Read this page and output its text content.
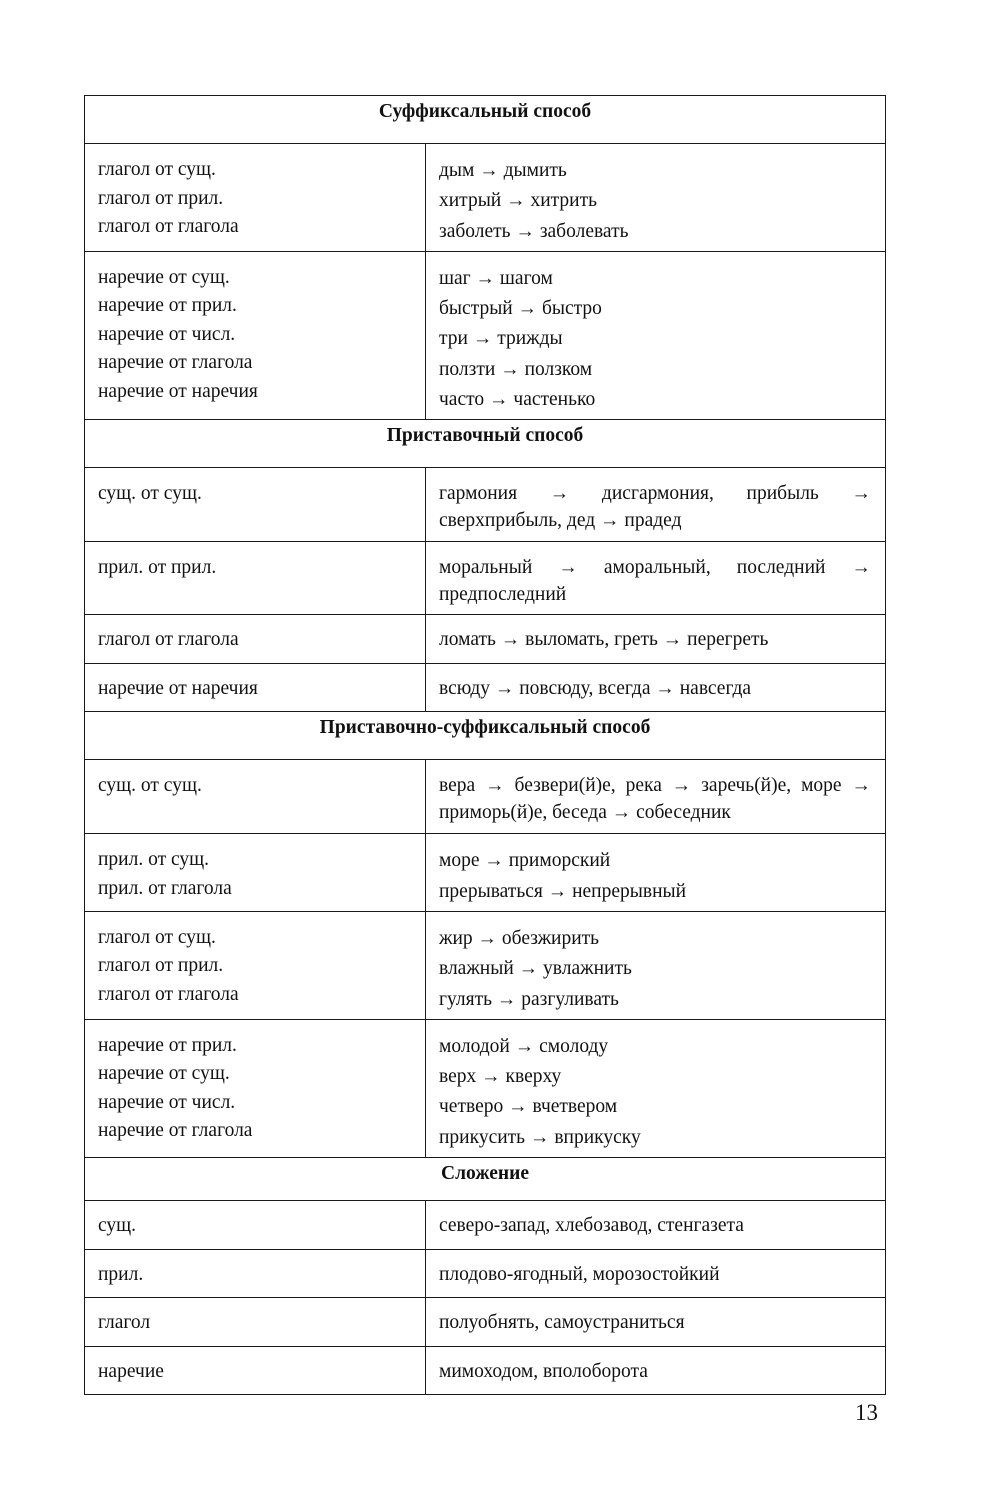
Суффиксальный способ	

глагол от сущ.
глагол от прил.
глагол от глагола	дым → дымить
хитрый → хитрить
заболеть → заболевать

наречие от сущ.
наречие от прил.
наречие от числ.
наречие от глагола
наречие от наречия	шаг → шагом
быстрый → быстро
три → трижды
ползти → ползком
часто → частенько

Приставочный способ	

сущ. от сущ.	гармония → дисгармония, прибыль → сверхприбыль, дед → прадед

прил. от прил.	моральный → аморальный, последний → предпоследний

глагол от глагола	ломать → выломать, греть → перегреть

наречие от наречия	всюду → повсюду, всегда → навсегда

Приставочно-суффиксальный способ	

сущ. от сущ.	вера → безвери(й)е, река → заречь(й)е, море → приморь(й)е, беседа → собеседник

прил. от сущ.
прил. от глагола	море → приморский
прерываться → непрерывный

глагол от сущ.
глагол от прил.
глагол от глагола	жир → обезжирить
влажный → увлажнить
гулять → разгуливать

наречие от прил.
наречие от сущ.
наречие от числ.
наречие от глагола	молодой → смолоду
верх → кверху
четверо → вчетвером
прикусить → вприкуску

Сложение	

сущ.	северо-запад, хлебозавод, стенгазета

прил.	плодово-ягодный, морозостойкий

глагол	полуобнять, самоустраниться

наречие	мимоходом, вполоборота
13
